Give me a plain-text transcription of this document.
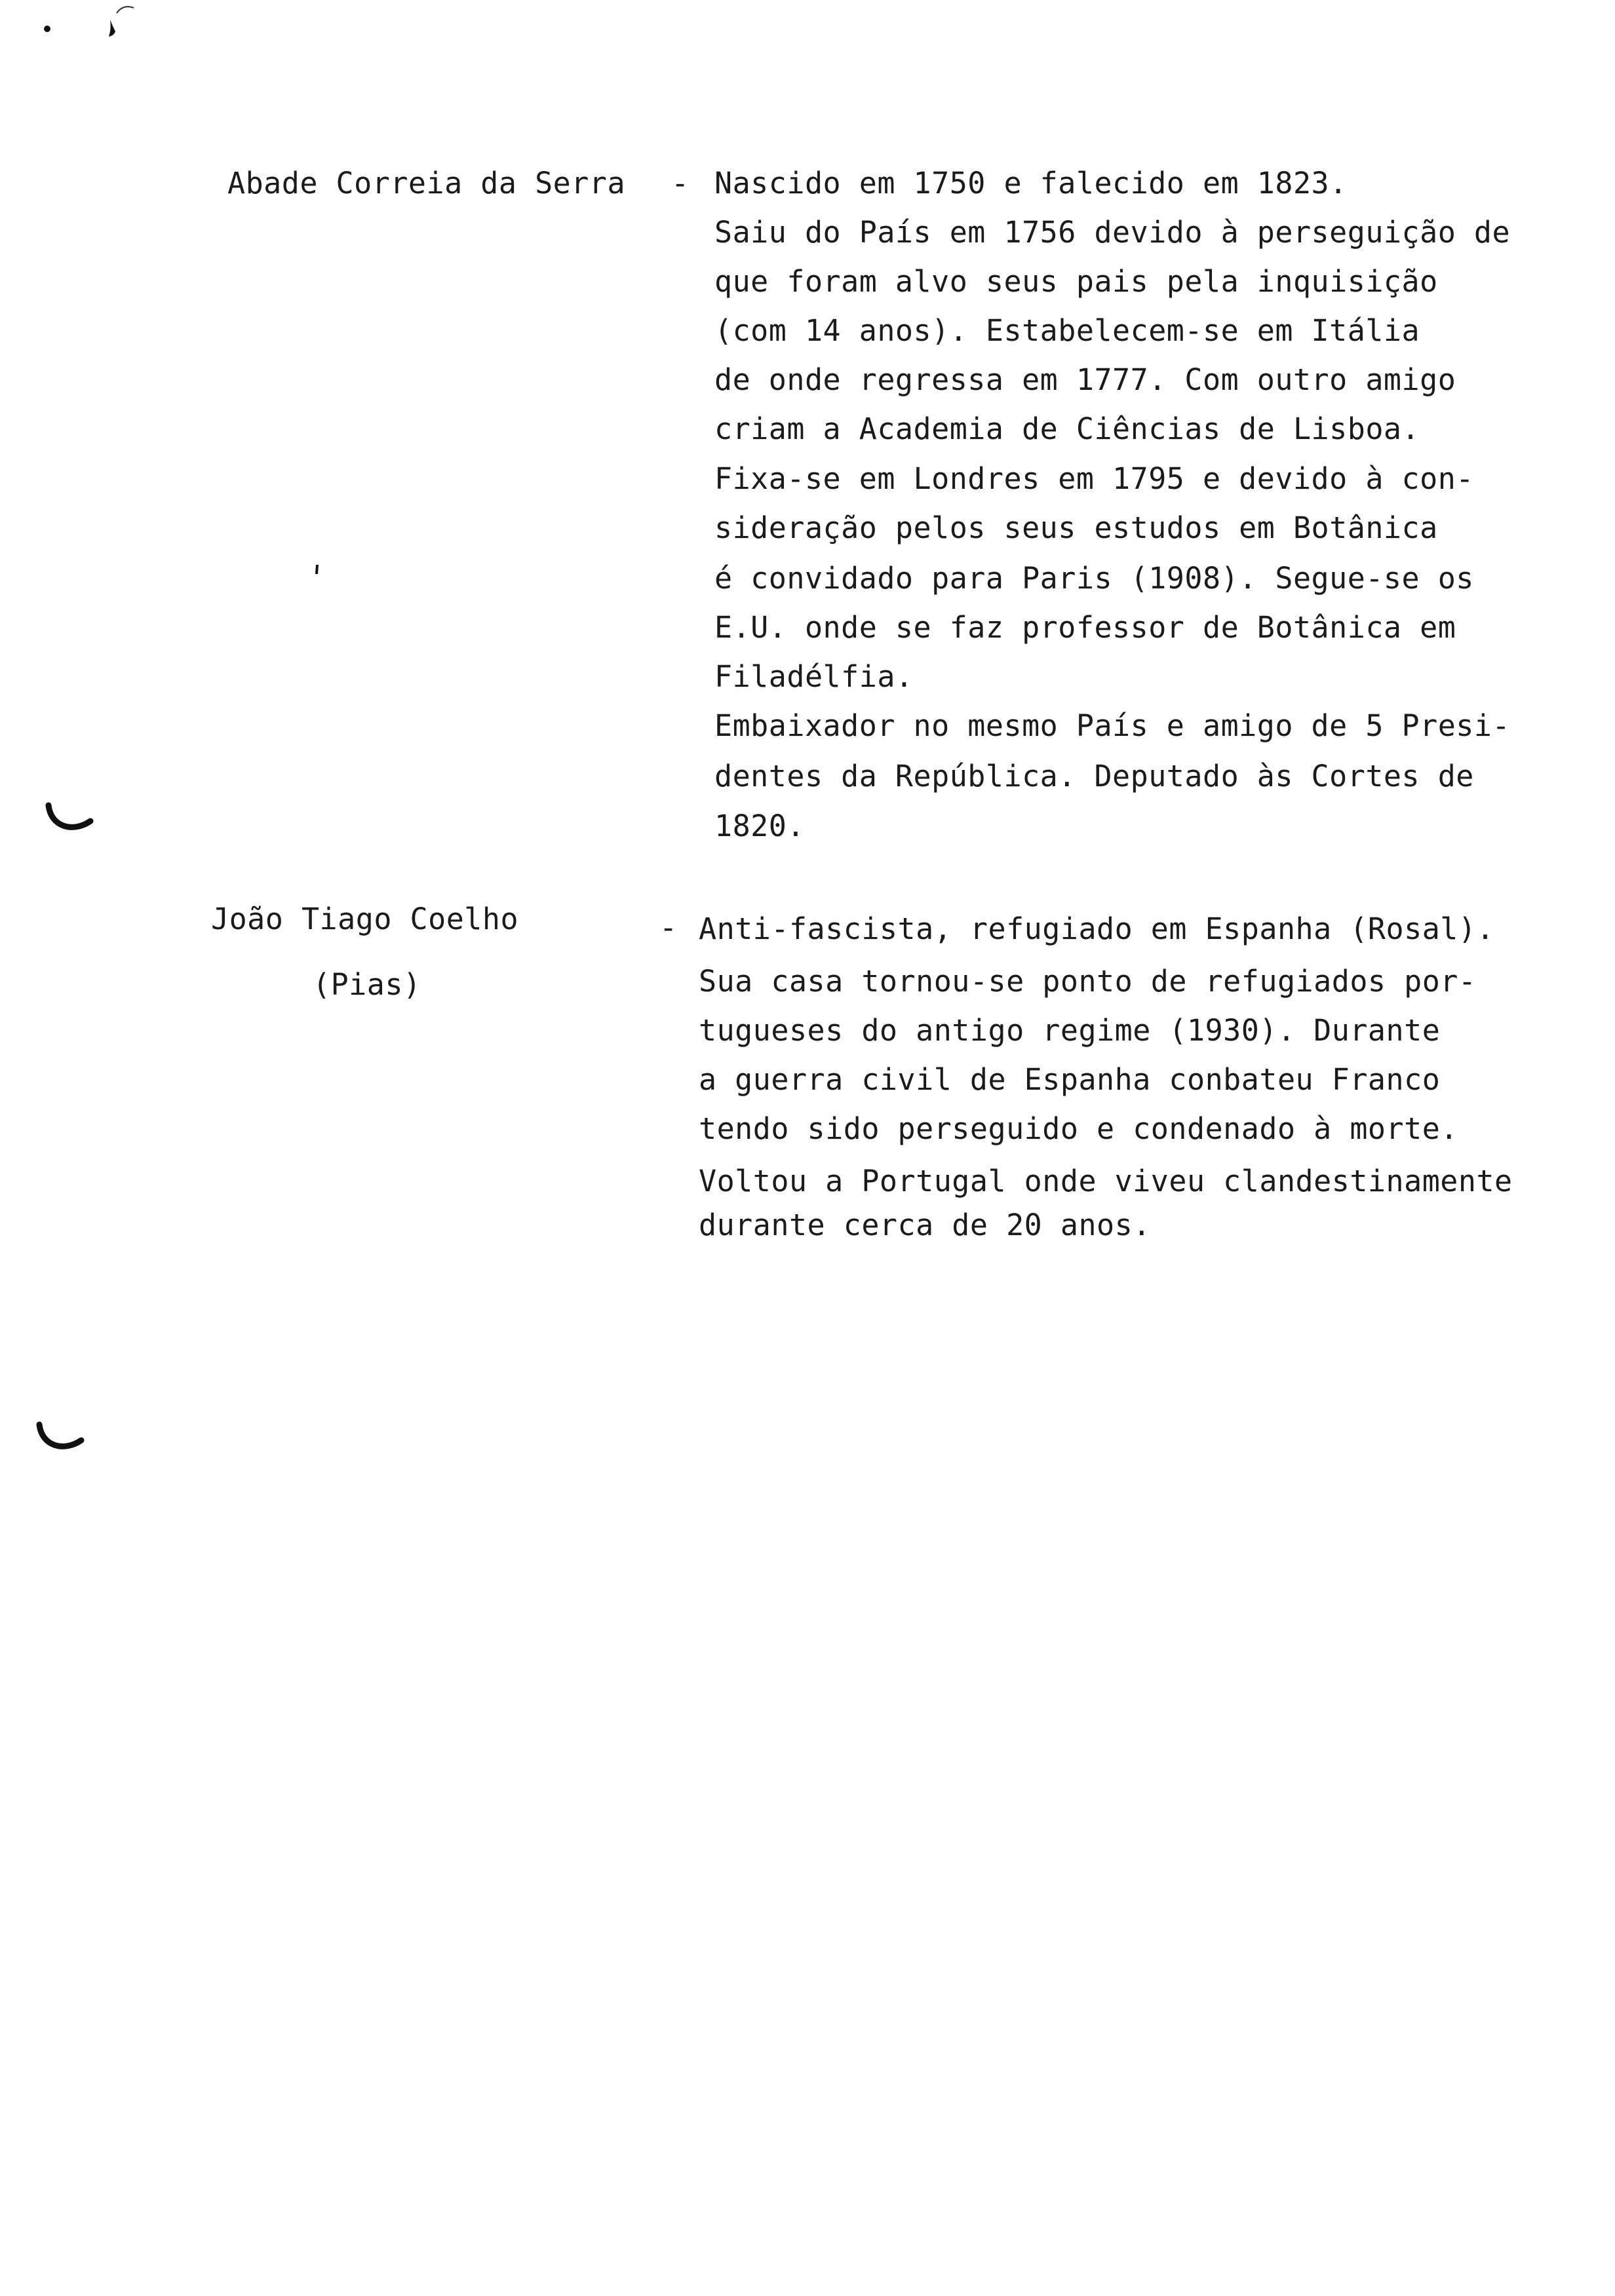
Abade Correia da Serra - Nascido em 1750 e falecido em 1823.
Saiu do País em 1756 devido à perseguição de
que foram alvo seus pais pela inquisição
(com 14 anos). Estabelecem-se em Itália
de onde regressa em 1777. Com outro amigo
criam a Academia de Ciências de Lisboa.
Fixa-se em Londres em 1795 e devido à con-
sideração pelos seus estudos em Botânica
é convidado para Paris (1908). Segue-se os
E.U. onde se faz professor de Botânica em
Filadélfia.
Embaixador no mesmo País e amigo de 5 Presi-
dentes da República. Deputado às Cortes de
1820.
João Tiago Coelho
(Pias)
- Anti-fascista, refugiado em Espanha (Rosal).
Sua casa tornou-se ponto de refugiados por-
tugueses do antigo regime (1930). Durante
a guerra civil de Espanha conbateu Franco
tendo sido perseguido e condenado à morte.
Voltou a Portugal onde viveu clandestinamente
durante cerca de 20 anos.
